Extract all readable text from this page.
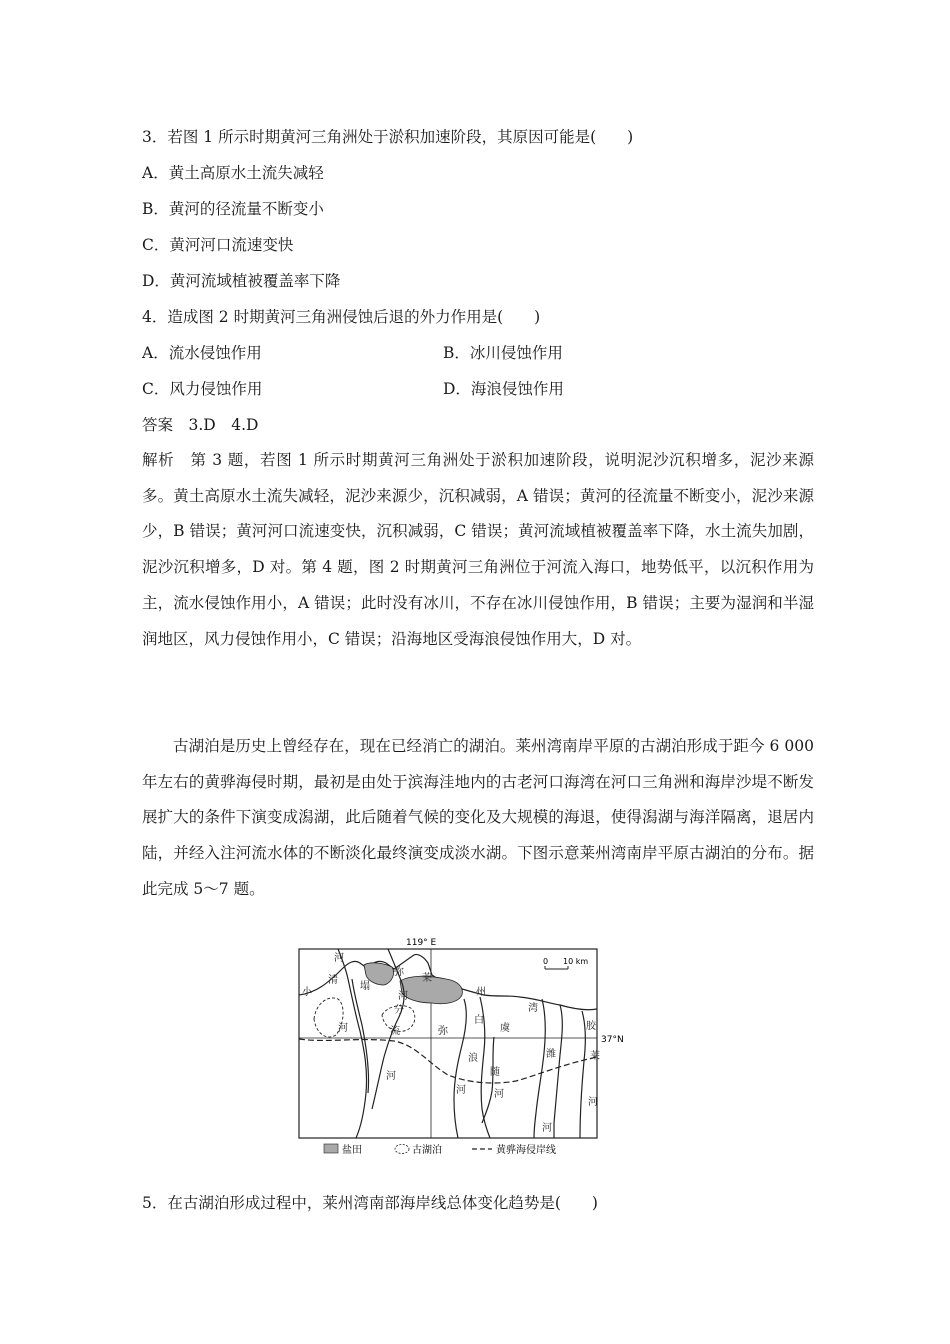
3．若图 1 所示时期黄河三角洲处于淤积加速阶段，其原因可能是(　　)
A．黄土高原水土流失减轻
B．黄河的径流量不断变小
C．黄河河口流速变快
D．黄河流域植被覆盖率下降
4．造成图 2 时期黄河三角洲侵蚀后退的外力作用是(　　)
A．流水侵蚀作用	B．冰川侵蚀作用
C．风力侵蚀作用	D．海浪侵蚀作用
答案　3.D　4.D
解析　第 3 题，若图 1 所示时期黄河三角洲处于淤积加速阶段，说明泥沙沉积增多，泥沙来源多。黄土高原水土流失减轻，泥沙来源少，沉积减弱，A 错误；黄河的径流量不断变小，泥沙来源少，B 错误；黄河河口流速变快，沉积减弱，C 错误；黄河流域植被覆盖率下降，水土流失加剧，泥沙沉积增多，D 对。第 4 题，图 2 时期黄河三角洲位于河流入海口，地势低平，以沉积作用为主，流水侵蚀作用小，A 错误；此时没有冰川，不存在冰川侵蚀作用，B 错误；主要为湿润和半湿润地区，风力侵蚀作用小，C 错误；沿海地区受海浪侵蚀作用大，D 对。
古湖泊是历史上曾经存在，现在已经消亡的湖泊。莱州湾南岸平原的古湖泊形成于距今 6 000 年左右的黄骅海侵时期，最初是由处于滨海洼地内的古老河口海湾在河口三角洲和海岸沙堤不断发展扩大的条件下演变成潟湖，此后随着气候的变化及大规模的海退，使得潟湖与海洋隔离，退居内陆，并经入注河流水体的不断淡化最终演变成淡水湖。下图示意莱州湾南岸平原古湖泊的分布。据此完成 5～7 题。
119° E
37°N
0 10 km
河
小
清
河
塌
弥
河
分
流	弥
河
莱
州
湾
胶
白
浪
河
虞
随
河
潍
河
莱
河
盐田	古湖泊	黄骅海侵岸线
5．在古湖泊形成过程中，莱州湾南部海岸线总体变化趋势是(　　)
